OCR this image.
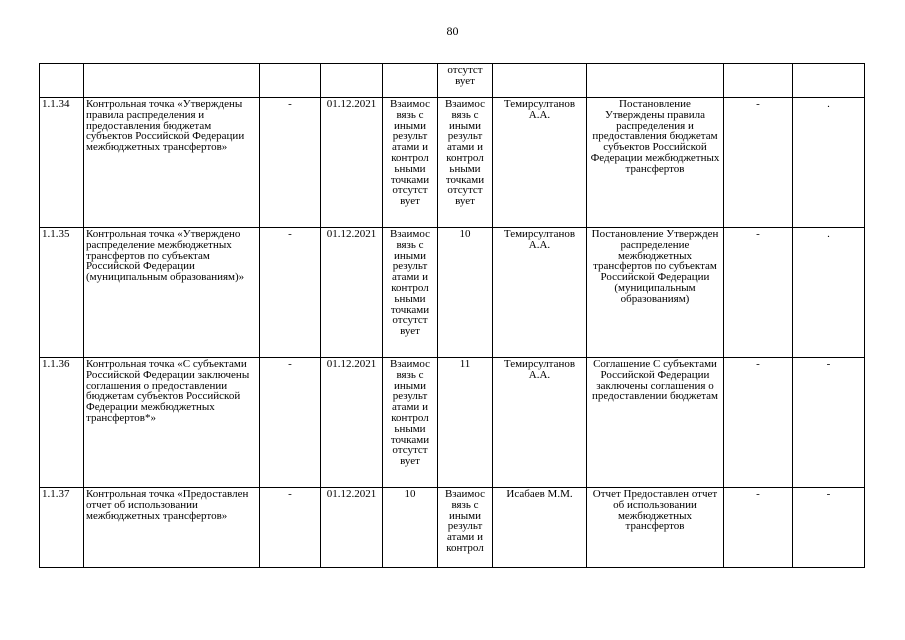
80
					отсутст вует				
1.1.34	Контрольная точка «Утверждены правила распределения и предоставления бюджетам субъектов Российской Федерации межбюджетных трансфертов»	-	01.12.2021	Взаимос вязь с иными результ атами и контрол ьными точками отсутст вует	Взаимос вязь с иными результ атами и контрол ьными точками отсутст вует	Темирсултанов А.А.	Постановление Утверждены правила распределения и предоставления бюджетам субъектов Российской Федерации межбюджетных трансфертов	-	.
1.1.35	Контрольная точка «Утверждено распределение межбюджетных трансфертов по субъектам Российской Федерации (муниципальным образованиям)»	-	01.12.2021	Взаимос вязь с иными результ атами и контрол ьными точками отсутст вует	10	Темирсултанов А.А.	Постановление Утвержден распределение межбюджетных трансфертов по субъектам Российской Федерации (муниципальным образованиям)	-	.
1.1.36	Контрольная точка «С субъектами Российской Федерации заключены соглашения о предоставлении бюджетам субъектов Российской Федерации межбюджетных трансфертов*»	-	01.12.2021	Взаимос вязь с иными результ атами и контрол ьными точками отсутст вует	11	Темирсултанов А.А.	Соглашение С субъектами Российской Федерации заключены соглашения о предоставлении бюджетам	-	-
1.1.37	Контрольная точка «Предоставлен отчет об использовании межбюджетных трансфертов»	-	01.12.2021	10	Взаимос вязь с иными результ атами и контрол	Исабаев М.М.	Отчет Предоставлен отчет об использовании межбюджетных трансфертов	-	-
